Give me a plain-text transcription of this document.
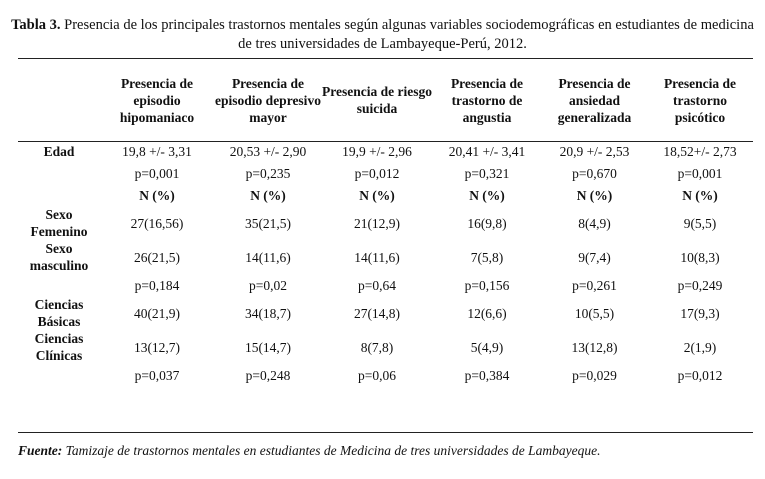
Tabla 3. Presencia de los principales trastornos mentales según algunas variables sociodemográficas en estudiantes de medicina de tres universidades de Lambayeque-Perú, 2012.
	Presencia de episodio hipomaniaco	Presencia de episodio depresivo mayor	Presencia de riesgo suicida	Presencia de trastorno de angustia	Presencia de ansiedad generalizada	Presencia de trastorno psicótico
Edad	19,8 +/- 3,31	20,53 +/- 2,90	19,9 +/- 2,96	20,41 +/- 3,41	20,9 +/- 2,53	18,52+/- 2,73
	p=0,001	p=0,235	p=0,012	p=0,321	p=0,670	p=0,001
	N (%)	N (%)	N (%)	N (%)	N (%)	N (%)
Sexo Femenino	27(16,56)	35(21,5)	21(12,9)	16(9,8)	8(4,9)	9(5,5)
Sexo masculino	26(21,5)	14(11,6)	14(11,6)	7(5,8)	9(7,4)	10(8,3)
	p=0,184	p=0,02	p=0,64	p=0,156	p=0,261	p=0,249
Ciencias Básicas	40(21,9)	34(18,7)	27(14,8)	12(6,6)	10(5,5)	17(9,3)
Ciencias Clínicas	13(12,7)	15(14,7)	8(7,8)	5(4,9)	13(12,8)	2(1,9)
	p=0,037	p=0,248	p=0,06	p=0,384	p=0,029	p=0,012
Fuente: Tamizaje de trastornos mentales en estudiantes de Medicina de tres universidades de Lambayeque.
